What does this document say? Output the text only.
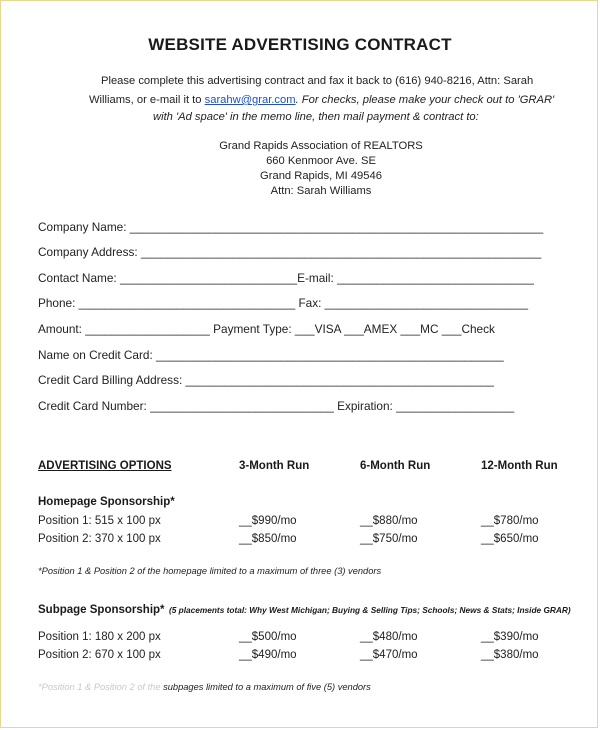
WEBSITE ADVERTISING CONTRACT
Please complete this advertising contract and fax it back to (616) 940-8216, Attn: Sarah
Williams, or e-mail it to sarahw@grar.com. For checks, please make your check out to 'GRAR'
with 'Ad space' in the memo line, then mail payment & contract to:
Grand Rapids Association of REALTORS
660 Kenmoor Ave. SE
Grand Rapids, MI 49546
Attn: Sarah Williams
Company Name: _______________________________________________________________
Company Address: _____________________________________________________________
Contact Name: ___________________________E-mail: ______________________________
Phone: _________________________________ Fax: _______________________________
Amount: ___________________ Payment Type: ___VISA ___AMEX ___MC ___Check
Name on Credit Card: _____________________________________________________
Credit Card Billing Address: _______________________________________________
Credit Card Number: ____________________________ Expiration: __________________
ADVERTISING OPTIONS	3-Month Run	6-Month Run	12-Month Run
Homepage Sponsorship*
Position 1: 515 x 100 px	__$990/mo	__$880/mo	__$780/mo
Position 2: 370 x 100 px	__$850/mo	__$750/mo	__$650/mo
*Position 1 & Position 2 of the homepage limited to a maximum of three (3) vendors
Subpage Sponsorship* (5 placements total: Why West Michigan; Buying & Selling Tips; Schools; News & Stats; Inside GRAR)
Position 1: 180 x 200 px	__$500/mo	__$480/mo	__$390/mo
Position 2: 670 x 100 px	__$490/mo	__$470/mo	__$380/mo
*Position 1 & Position 2 of the subpages limited to a maximum of five (5) vendors
